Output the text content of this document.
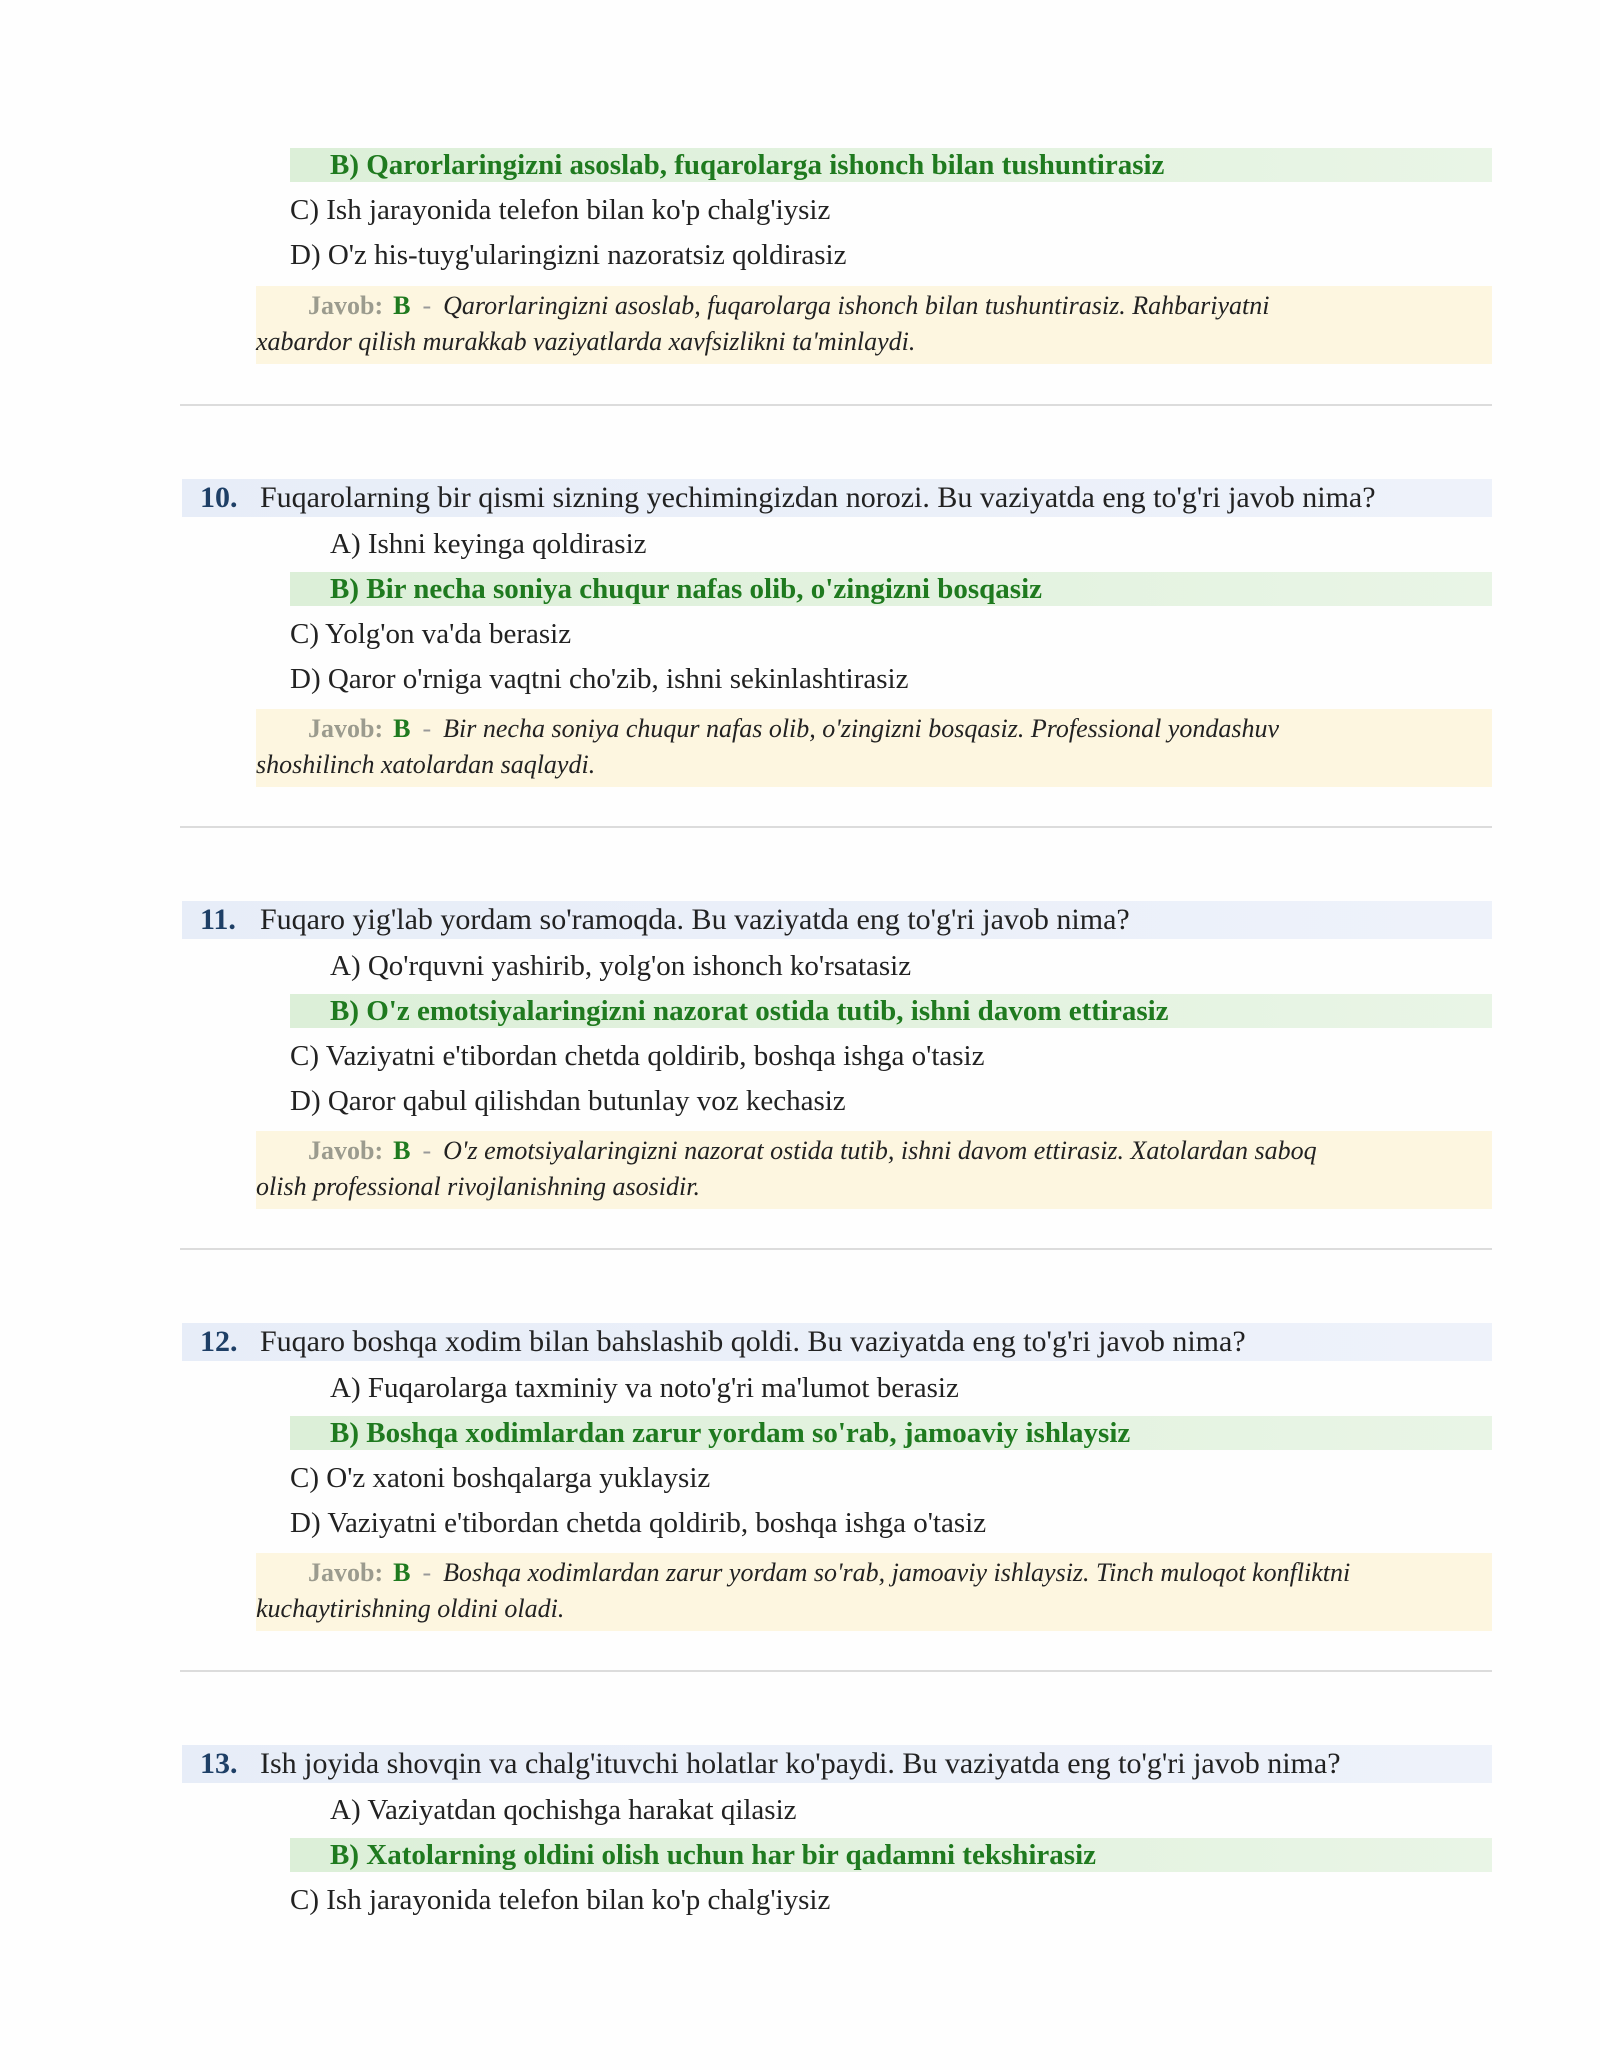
B) Qarorlaringizni asoslab, fuqarolarga ishonch bilan tushuntirasiz
C) Ish jarayonida telefon bilan ko'p chalg'iysiz
D) O'z his-tuyg'ularingizni nazoratsiz qoldirasiz
Javob: B - Qarorlaringizni asoslab, fuqarolarga ishonch bilan tushuntirasiz. Rahbariyatni
xabardor qilish murakkab vaziyatlarda xavfsizlikni ta'minlaydi.
10. Fuqarolarning bir qismi sizning yechimingizdan norozi. Bu vaziyatda eng to'g'ri javob nima?
A) Ishni keyinga qoldirasiz
B) Bir necha soniya chuqur nafas olib, o'zingizni bosqasiz
C) Yolg'on va'da berasiz
D) Qaror o'rniga vaqtni cho'zib, ishni sekinlashtirasiz
Javob: B - Bir necha soniya chuqur nafas olib, o'zingizni bosqasiz. Professional yondashuv
shoshilinch xatolardan saqlaydi.
11. Fuqaro yig'lab yordam so'ramoqda. Bu vaziyatda eng to'g'ri javob nima?
A) Qo'rquvni yashirib, yolg'on ishonch ko'rsatasiz
B) O'z emotsiyalaringizni nazorat ostida tutib, ishni davom ettirasiz
C) Vaziyatni e'tibordan chetda qoldirib, boshqa ishga o'tasiz
D) Qaror qabul qilishdan butunlay voz kechasiz
Javob: B - O'z emotsiyalaringizni nazorat ostida tutib, ishni davom ettirasiz. Xatolardan saboq
olish professional rivojlanishning asosidir.
12. Fuqaro boshqa xodim bilan bahslashib qoldi. Bu vaziyatda eng to'g'ri javob nima?
A) Fuqarolarga taxminiy va noto'g'ri ma'lumot berasiz
B) Boshqa xodimlardan zarur yordam so'rab, jamoaviy ishlaysiz
C) O'z xatoni boshqalarga yuklaysiz
D) Vaziyatni e'tibordan chetda qoldirib, boshqa ishga o'tasiz
Javob: B - Boshqa xodimlardan zarur yordam so'rab, jamoaviy ishlaysiz. Tinch muloqot konfliktni
kuchaytirishning oldini oladi.
13. Ish joyida shovqin va chalg'ituvchi holatlar ko'paydi. Bu vaziyatda eng to'g'ri javob nima?
A) Vaziyatdan qochishga harakat qilasiz
B) Xatolarning oldini olish uchun har bir qadamni tekshirasiz
C) Ish jarayonida telefon bilan ko'p chalg'iysiz
